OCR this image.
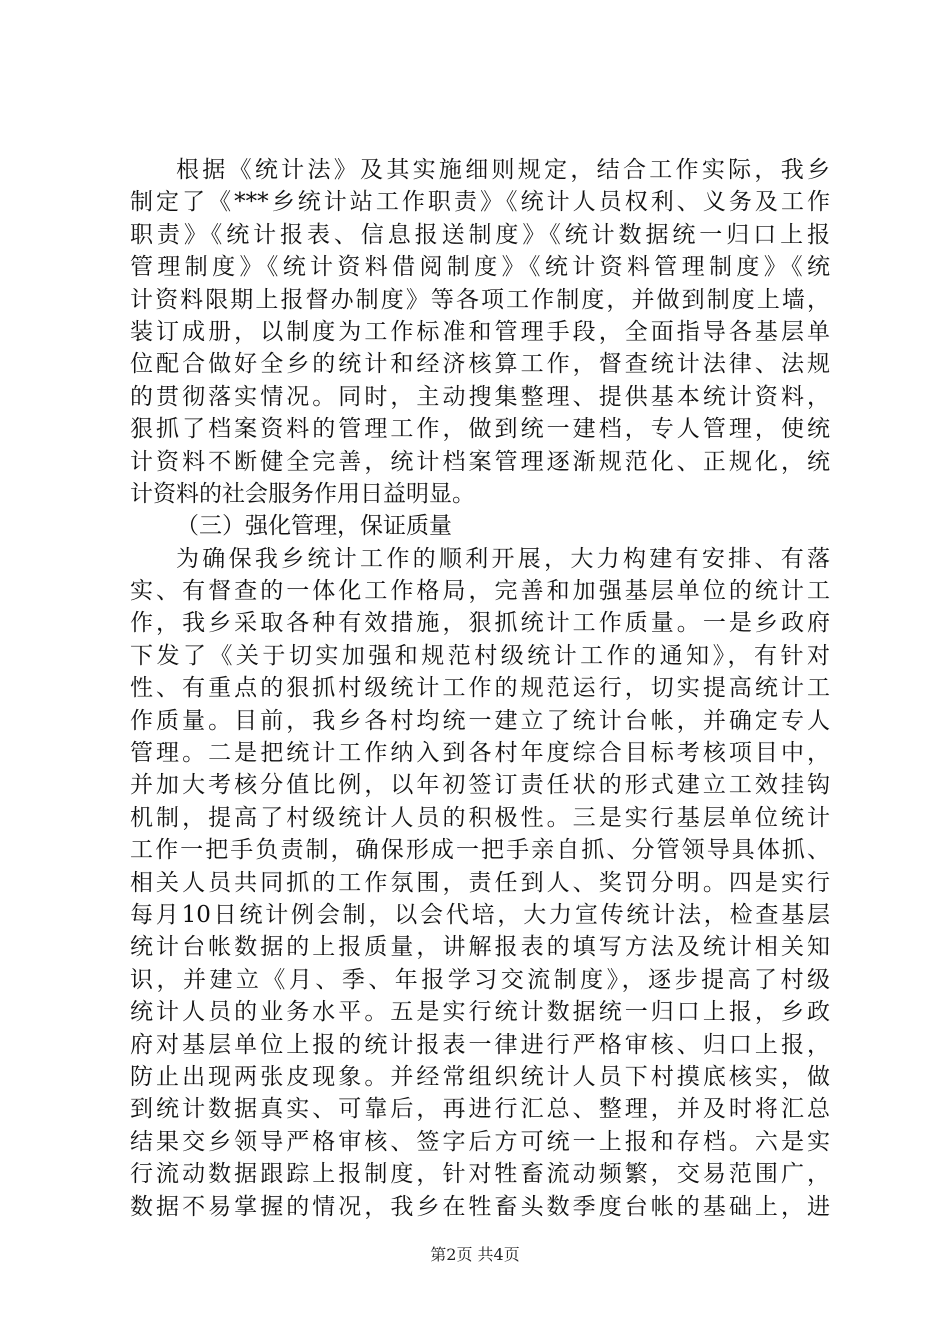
根据《统计法》及其实施细则规定，结合工作实际，我乡
制定了《***乡统计站工作职责》《统计人员权利、义务及工作
职责》《统计报表、信息报送制度》《统计数据统一归口上报
管理制度》《统计资料借阅制度》《统计资料管理制度》《统
计资料限期上报督办制度》等各项工作制度，并做到制度上墙，
装订成册，以制度为工作标准和管理手段，全面指导各基层单
位配合做好全乡的统计和经济核算工作，督查统计法律、法规
的贯彻落实情况。同时，主动搜集整理、提供基本统计资料，
狠抓了档案资料的管理工作，做到统一建档，专人管理，使统
计资料不断健全完善，统计档案管理逐渐规范化、正规化，统
计资料的社会服务作用日益明显。
（三）强化管理，保证质量
为确保我乡统计工作的顺利开展，大力构建有安排、有落
实、有督查的一体化工作格局，完善和加强基层单位的统计工
作，我乡采取各种有效措施，狠抓统计工作质量。一是乡政府
下发了《关于切实加强和规范村级统计工作的通知》，有针对
性、有重点的狠抓村级统计工作的规范运行，切实提高统计工
作质量。目前，我乡各村均统一建立了统计台帐，并确定专人
管理。二是把统计工作纳入到各村年度综合目标考核项目中，
并加大考核分值比例，以年初签订责任状的形式建立工效挂钩
机制，提高了村级统计人员的积极性。三是实行基层单位统计
工作一把手负责制，确保形成一把手亲自抓、分管领导具体抓、
相关人员共同抓的工作氛围，责任到人、奖罚分明。四是实行
每月10日统计例会制，以会代培，大力宣传统计法，检查基层
统计台帐数据的上报质量，讲解报表的填写方法及统计相关知
识，并建立《月、季、年报学习交流制度》，逐步提高了村级
统计人员的业务水平。五是实行统计数据统一归口上报，乡政
府对基层单位上报的统计报表一律进行严格审核、归口上报，
防止出现两张皮现象。并经常组织统计人员下村摸底核实，做
到统计数据真实、可靠后，再进行汇总、整理，并及时将汇总
结果交乡领导严格审核、签字后方可统一上报和存档。六是实
行流动数据跟踪上报制度，针对牲畜流动频繁，交易范围广，
数据不易掌握的情况，我乡在牲畜头数季度台帐的基础上，进
第2页 共4页
